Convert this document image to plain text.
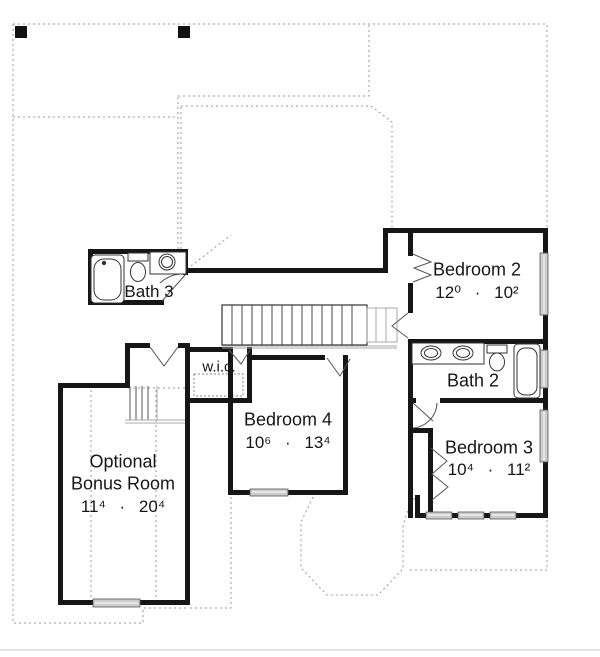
Bath 3
Bedroom 2
12⁰ · 10²
w.i.c.
Bath 2
Bedroom 4
10⁶ · 13⁴	Bedroom 3
10⁴ · 11²
Optional
Bonus Room
11⁴ · 20⁴
